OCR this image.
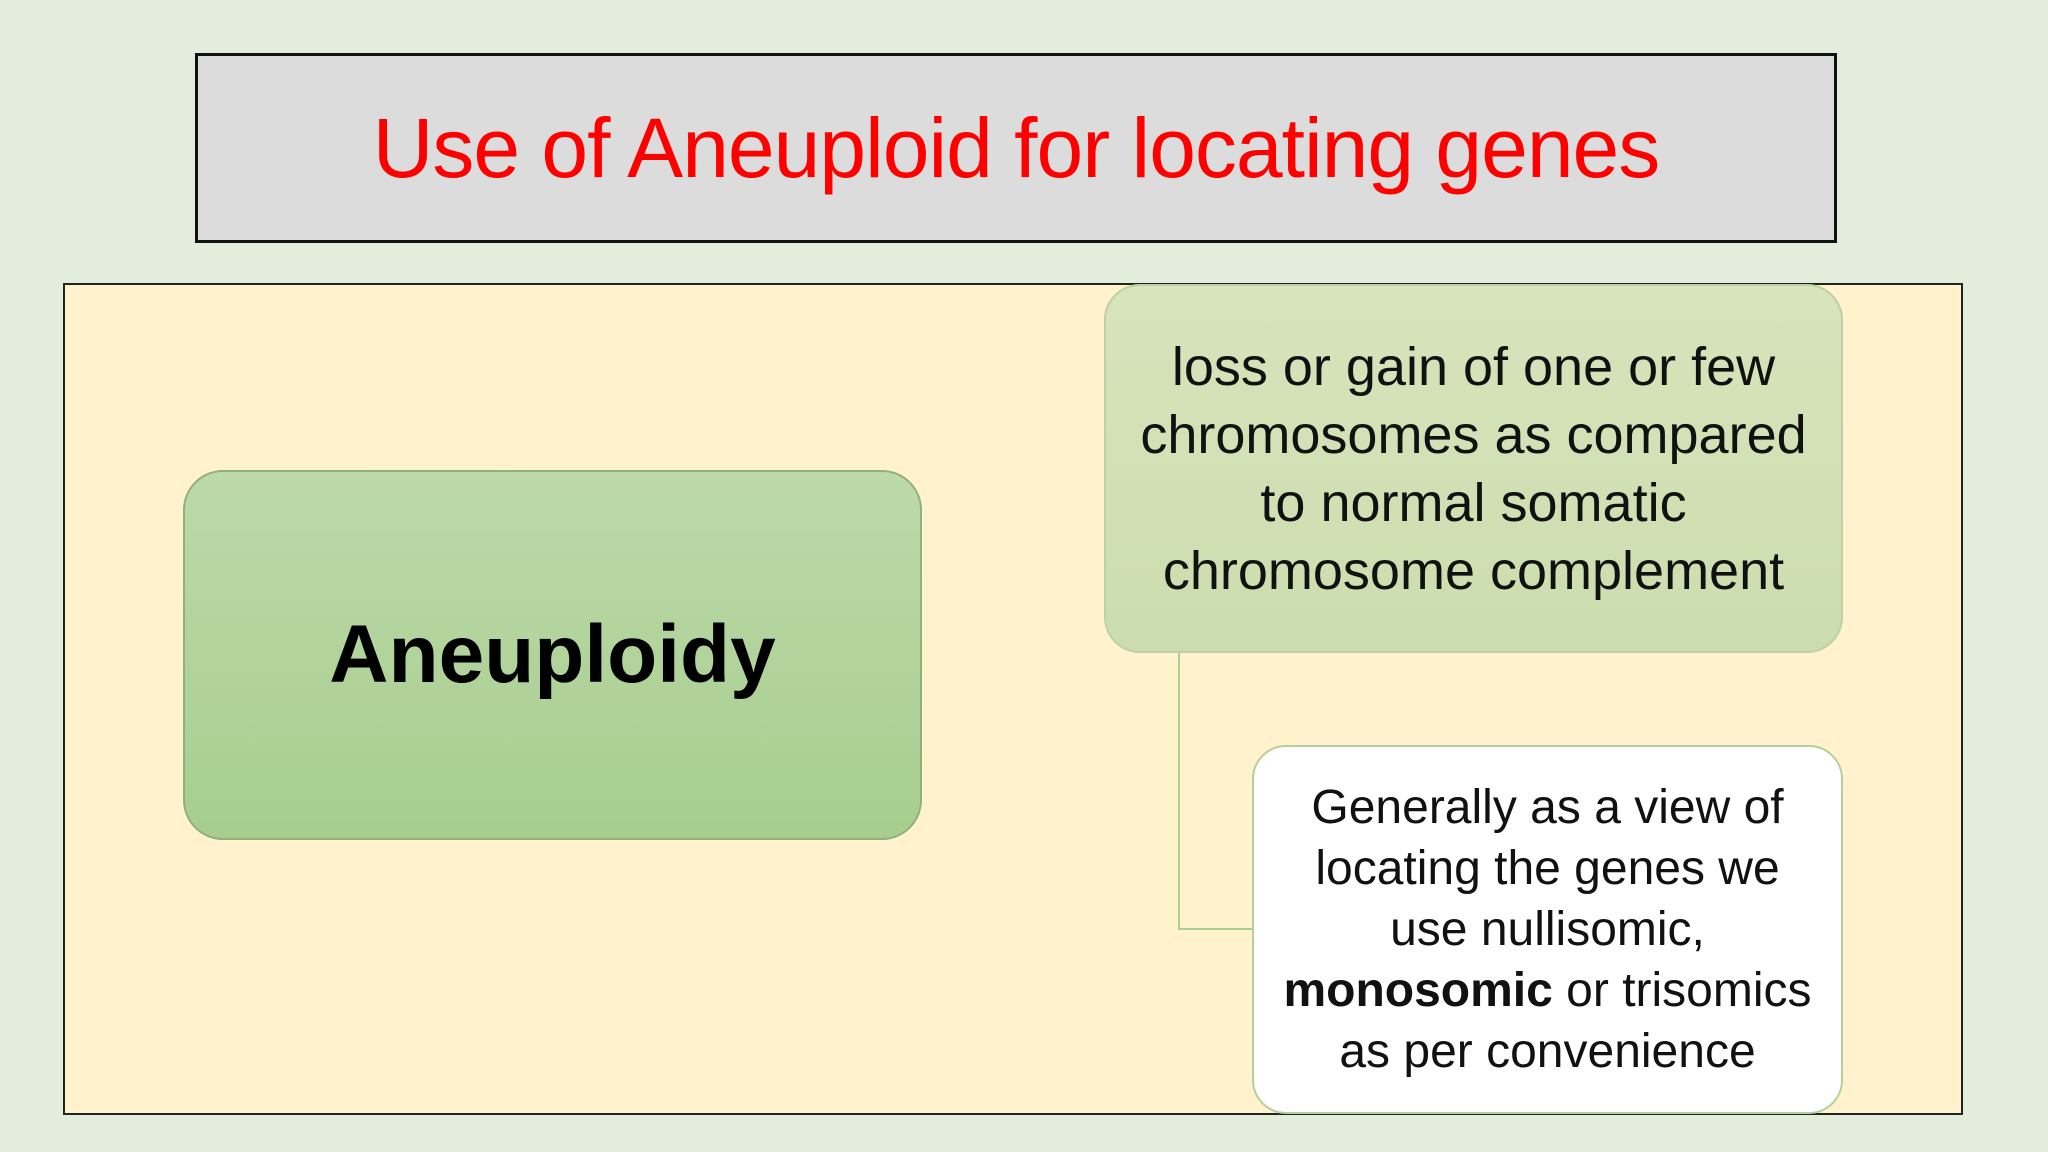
Use of Aneuploid for locating genes
Aneuploidy
loss or gain of one or few
chromosomes as compared
to normal somatic
chromosome complement
Generally as a view of
locating the genes we
use nullisomic,
monosomic or trisomics
as per convenience
